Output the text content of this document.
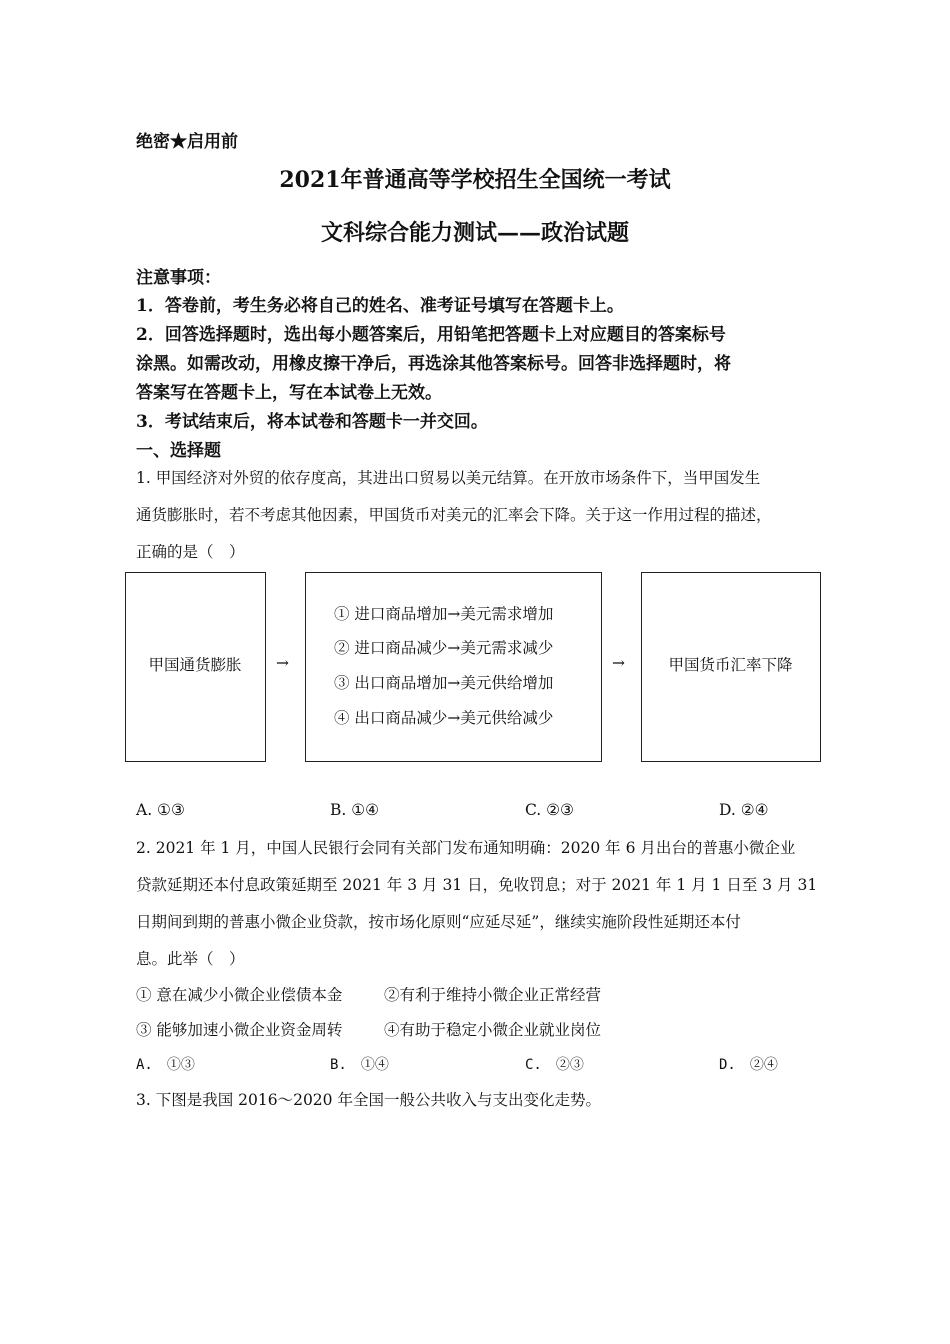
绝密★启用前
2021年普通高等学校招生全国统一考试
文科综合能力测试——政治试题
注意事项：
1．答卷前，考生务必将自己的姓名、准考证号填写在答题卡上。
2．回答选择题时，选出每小题答案后，用铅笔把答题卡上对应题目的答案标号
涂黑。如需改动，用橡皮擦干净后，再选涂其他答案标号。回答非选择题时，将
答案写在答题卡上，写在本试卷上无效。
3．考试结束后，将本试卷和答题卡一并交回。
一、选择题
1. 甲国经济对外贸的依存度高，其进出口贸易以美元结算。在开放市场条件下，当甲国发生
通货膨胀时，若不考虑其他因素，甲国货币对美元的汇率会下降。关于这一作用过程的描述，
正确的是（　）
甲国通货膨胀	→
① 进口商品增加→美元需求增加
② 进口商品减少→美元需求减少
③ 出口商品增加→美元供给增加
④ 出口商品减少→美元供给减少
→	甲国货币汇率下降
A. ①③	B. ①④	C. ②③	D. ②④
2. 2021 年 1 月，中国人民银行会同有关部门发布通知明确：2020 年 6 月出台的普惠小微企业
贷款延期还本付息政策延期至 2021 年 3 月 31 日，免收罚息；对于 2021 年 1 月 1 日至 3 月 31
日期间到期的普惠小微企业贷款，按市场化原则“应延尽延”，继续实施阶段性延期还本付
息。此举（　）
① 意在减少小微企业偿债本金	②有利于维持小微企业正常经营
③ 能够加速小微企业资金周转	④有助于稳定小微企业就业岗位
A.　①③	B.　①④	C.　②③	D.　②④
3. 下图是我国 2016～2020 年全国一般公共收入与支出变化走势。
